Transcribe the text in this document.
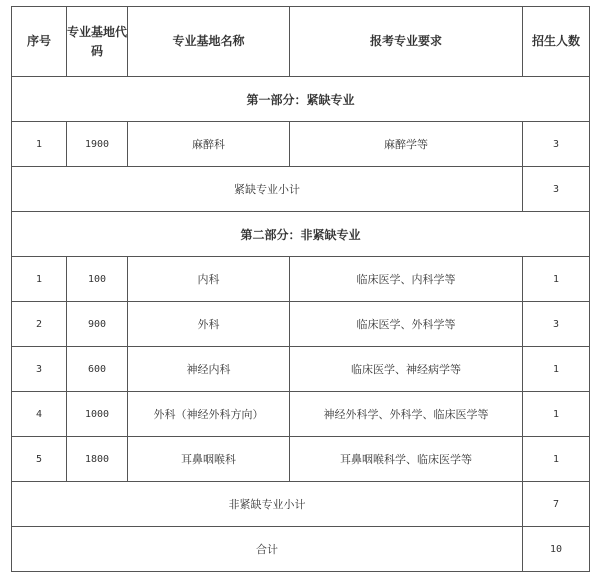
序号	专业基地代码	专业基地名称	报考专业要求	招生人数
第一部分：紧缺专业				
1	1900	麻醉科	麻醉学等	3
紧缺专业小计				3
第二部分：非紧缺专业				
1	100	内科	临床医学、内科学等	1
2	900	外科	临床医学、外科学等	3
3	600	神经内科	临床医学、神经病学等	1
4	1000	外科（神经外科方向）	神经外科学、外科学、临床医学等	1
5	1800	耳鼻咽喉科	耳鼻咽喉科学、临床医学等	1
非紧缺专业小计				7
合计				10
